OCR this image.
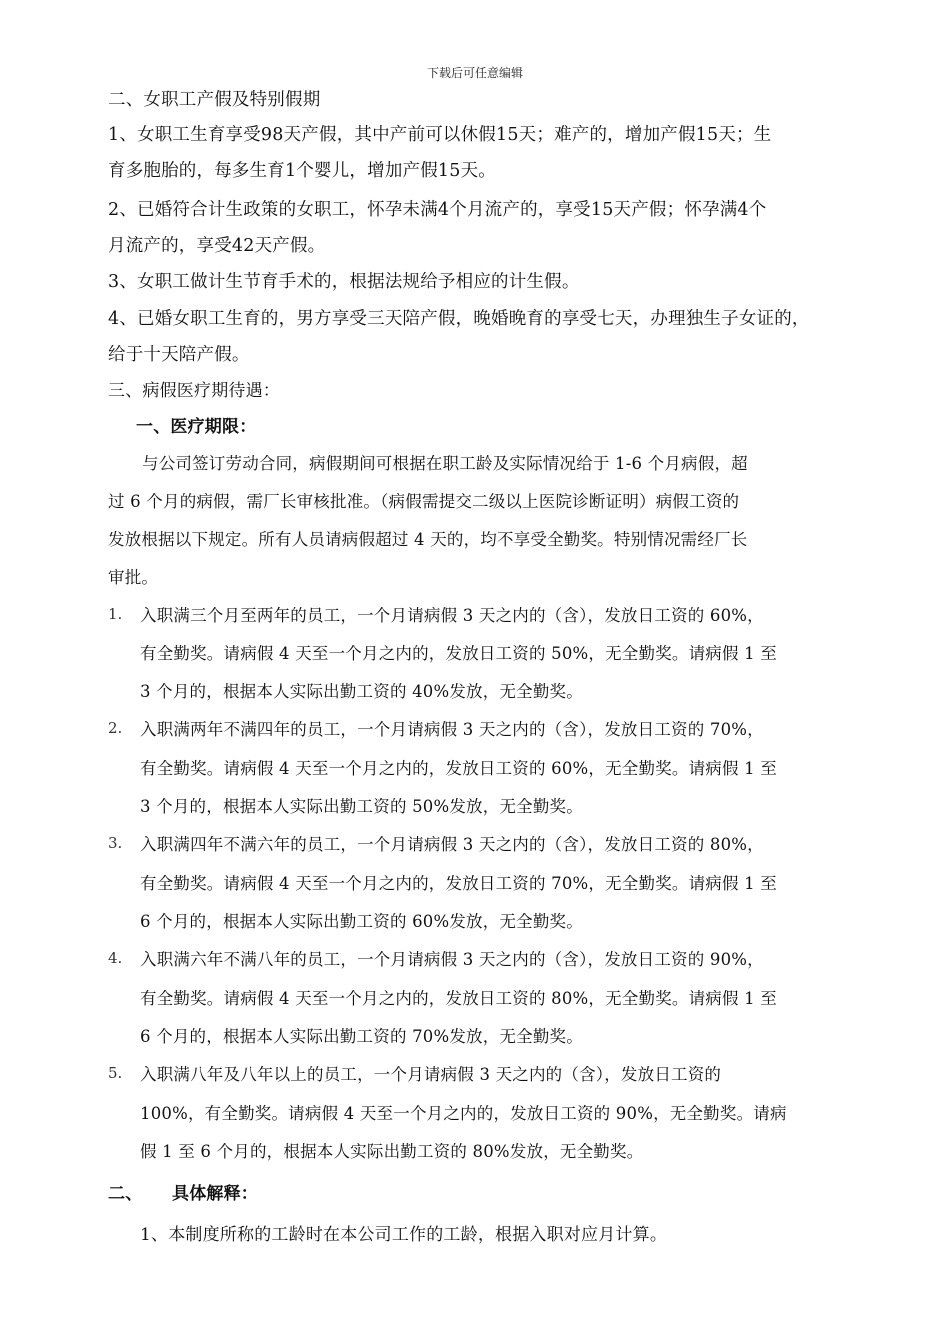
下载后可任意编辑
二、女职工产假及特别假期
1、女职工生育享受98天产假，其中产前可以休假15天；难产的，增加产假15天；生
育多胞胎的，每多生育1个婴儿，增加产假15天。
2、已婚符合计生政策的女职工，怀孕未满4个月流产的，享受15天产假；怀孕满4个
月流产的，享受42天产假。
3、女职工做计生节育手术的，根据法规给予相应的计生假。
4、已婚女职工生育的，男方享受三天陪产假，晚婚晚育的享受七天，办理独生子女证的，
给于十天陪产假。
三、病假医疗期待遇：
一、医疗期限：
与公司签订劳动合同，病假期间可根据在职工龄及实际情况给于 1-6 个月病假，超
过 6 个月的病假，需厂长审核批准。（病假需提交二级以上医院诊断证明）病假工资的
发放根据以下规定。所有人员请病假超过 4 天的，均不享受全勤奖。特别情况需经厂长
审批。
1. 入职满三个月至两年的员工，一个月请病假 3 天之内的（含），发放日工资的 60%，
有全勤奖。请病假 4 天至一个月之内的，发放日工资的 50%，无全勤奖。请病假 1 至
3 个月的，根据本人实际出勤工资的 40%发放，无全勤奖。
2. 入职满两年不满四年的员工，一个月请病假 3 天之内的（含），发放日工资的 70%，
有全勤奖。请病假 4 天至一个月之内的，发放日工资的 60%，无全勤奖。请病假 1 至
3 个月的，根据本人实际出勤工资的 50%发放，无全勤奖。
3. 入职满四年不满六年的员工，一个月请病假 3 天之内的（含），发放日工资的 80%，
有全勤奖。请病假 4 天至一个月之内的，发放日工资的 70%，无全勤奖。请病假 1 至
6 个月的，根据本人实际出勤工资的 60%发放，无全勤奖。
4. 入职满六年不满八年的员工，一个月请病假 3 天之内的（含），发放日工资的 90%，
有全勤奖。请病假 4 天至一个月之内的，发放日工资的 80%，无全勤奖。请病假 1 至
6 个月的，根据本人实际出勤工资的 70%发放，无全勤奖。
5. 入职满八年及八年以上的员工，一个月请病假 3 天之内的（含），发放日工资的
100%，有全勤奖。请病假 4 天至一个月之内的，发放日工资的 90%，无全勤奖。请病
假 1 至 6 个月的，根据本人实际出勤工资的 80%发放，无全勤奖。
二、	具体解释：
1、本制度所称的工龄时在本公司工作的工龄，根据入职对应月计算。
